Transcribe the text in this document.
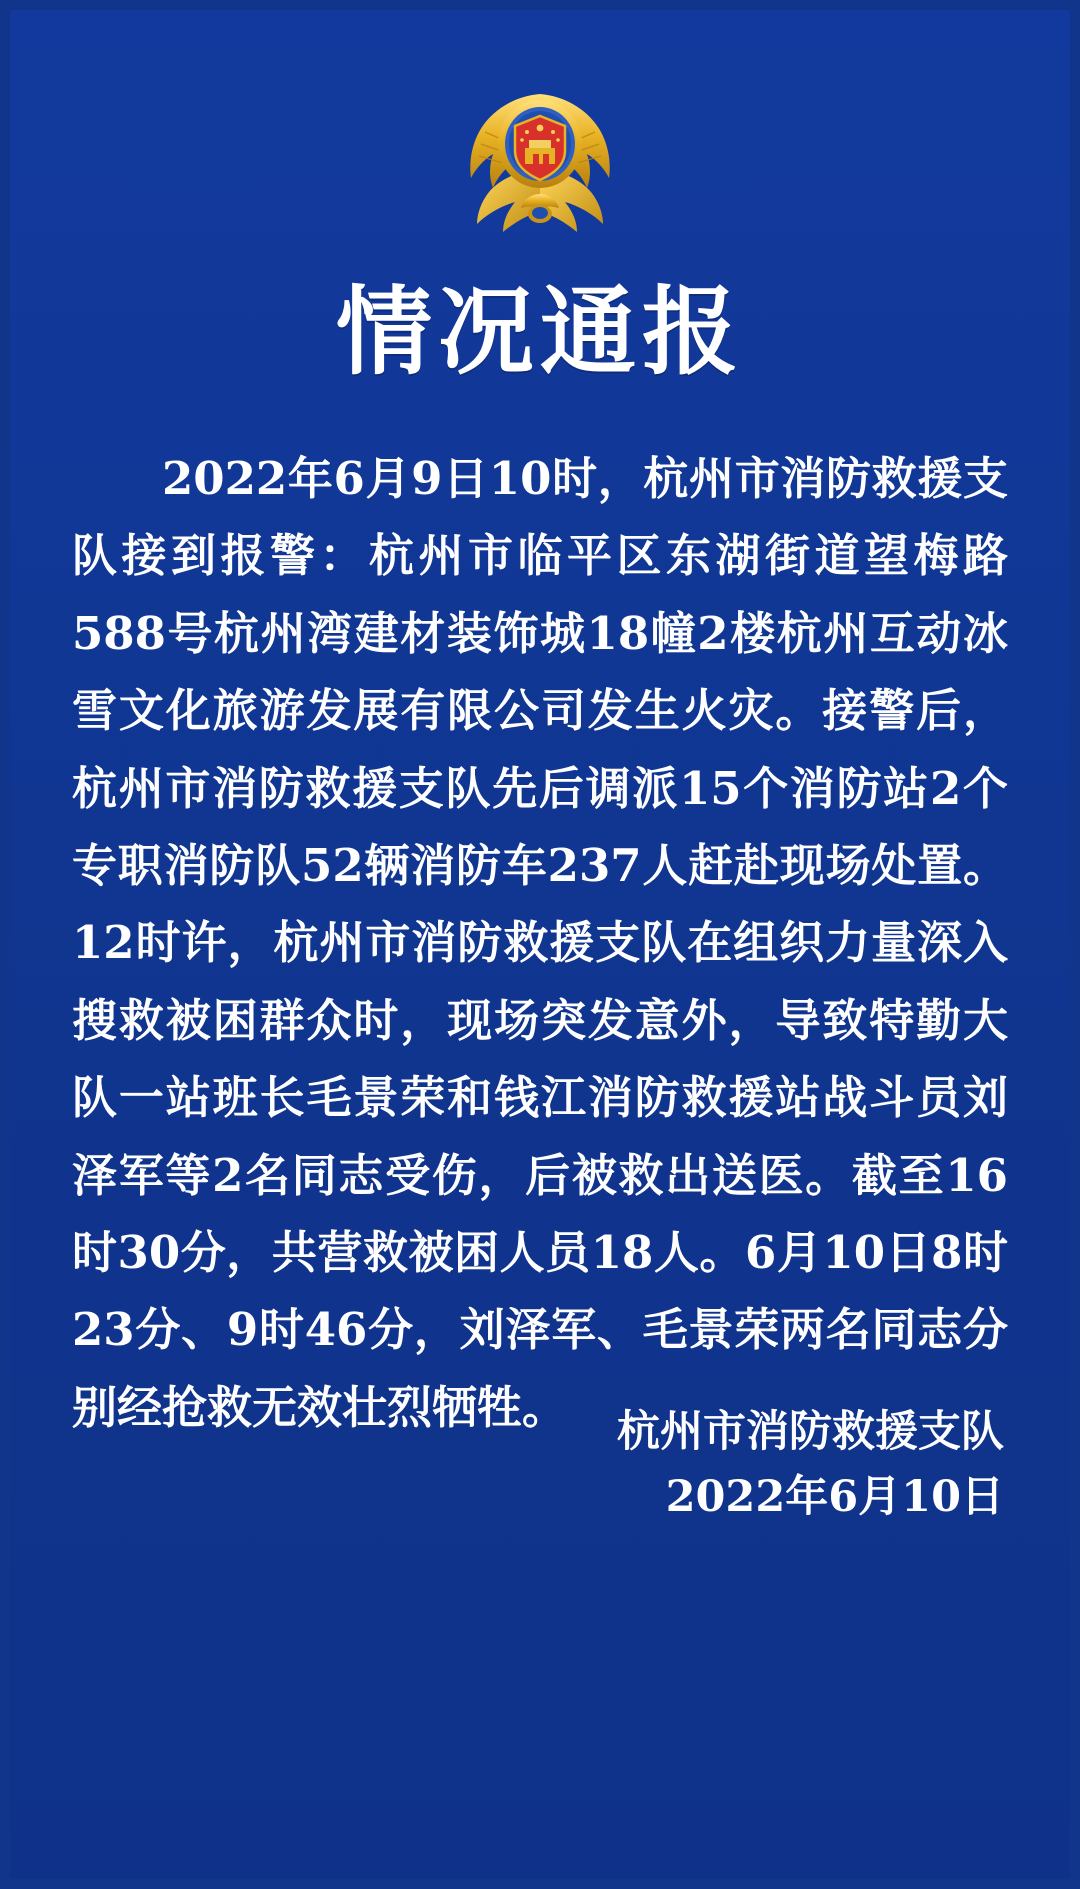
情况通报
2022年6月9日10时，杭州市消防救援支队接到报警：杭州市临平区东湖街道望梅路588号杭州湾建材装饰城18幢2楼杭州互动冰雪文化旅游发展有限公司发生火灾。接警后，杭州市消防救援支队先后调派15个消防站2个专职消防队52辆消防车237人赶赴现场处置。12时许，杭州市消防救援支队在组织力量深入搜救被困群众时，现场突发意外，导致特勤大队一站班长毛景荣和钱江消防救援站战斗员刘泽军等2名同志受伤，后被救出送医。截至16时30分，共营救被困人员18人。6月10日8时23分、9时46分，刘泽军、毛景荣两名同志分别经抢救无效壮烈牺牲。	杭州市消防救援支队
2022年6月10日
